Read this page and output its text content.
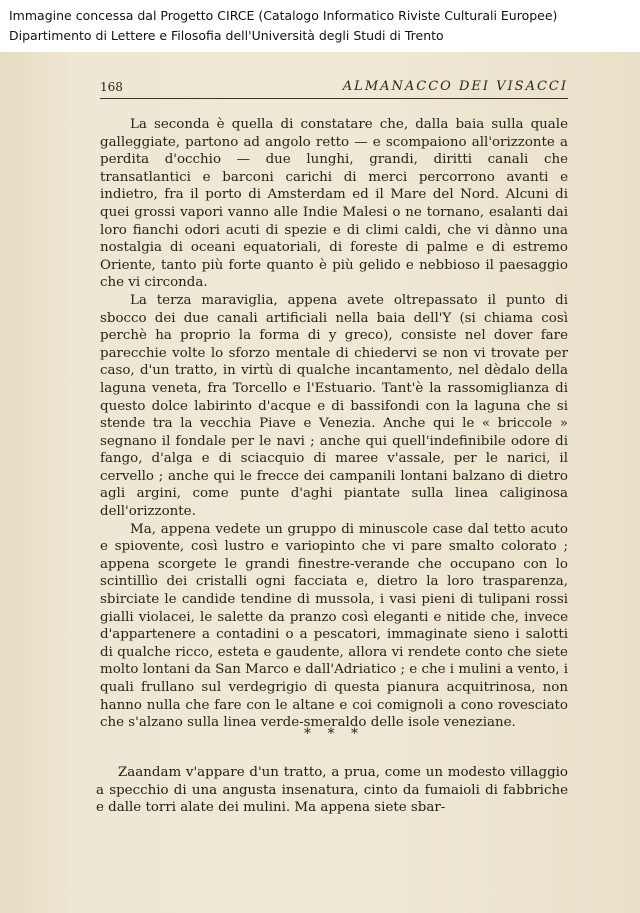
Immagine concessa dal Progetto CIRCE (Catalogo Informatico Riviste Culturali Europee)
Dipartimento di Lettere e Filosofia dell'Università degli Studi di Trento
168	ALMANACCO DEI VISACCI

La seconda è quella di constatare che, dalla baia sulla quale galleggiate, partono ad angolo retto — e scompaiono all'orizzonte a perdita d'occhio — due lunghi, grandi, diritti canali che transatlantici e barconi carichi di merci percorrono avanti e indietro, fra il porto di Amsterdam ed il Mare del Nord. Alcuni di quei grossi vapori vanno alle Indie Malesi o ne tornano, esalanti dai loro fianchi odori acuti di spezie e di climi caldi, che vi dànno una nostalgia di oceani equatoriali, di foreste di palme e di estremo Oriente, tanto più forte quanto è più gelido e nebbioso il paesaggio che vi circonda.

La terza maraviglia, appena avete oltrepassato il punto di sbocco dei due canali artificiali nella baia dell'Y (si chiama così perchè ha proprio la forma di y greco), consiste nel dover fare parecchie volte lo sforzo mentale di chiedervi se non vi trovate per caso, d'un tratto, in virtù di qualche incantamento, nel dèdalo della laguna veneta, fra Torcello e l'Estuario. Tant'è la rassomiglianza di questo dolce labirinto d'acque e di bassifondi con la laguna che si stende tra la vecchia Piave e Venezia. Anche qui le « briccole » segnano il fondale per le navi ; anche qui quell'indefinibile odore di fango, d'alga e di sciacquio di maree v'assale, per le narici, il cervello ; anche qui le frecce dei campanili lontani balzano di dietro agli argini, come punte d'aghi piantate sulla linea caliginosa dell'orizzonte.

Ma, appena vedete un gruppo di minuscole case dal tetto acuto e spiovente, così lustro e variopinto che vi pare smalto colorato ; appena scorgete le grandi finestre-verande che occupano con lo scintillìo dei cristalli ogni facciata e, dietro la loro trasparenza, sbirciate le candide tendine di mussola, i vasi pieni di tulipani rossi gialli violacei, le salette da pranzo così eleganti e nitide che, invece d'appartenere a contadini o a pescatori, immaginate sieno i salotti di qualche ricco, esteta e gaudente, allora vi rendete conto che siete molto lontani da San Marco e dall'Adriatico ; e che i mulini a vento, i quali frullano sul verdegrigio di questa pianura acquitrinosa, non hanno nulla che fare con le altane e coi comignoli a cono rovesciato che s'alzano sulla linea verde-smeraldo delle isole veneziane.

* * *

Zaandam v'appare d'un tratto, a prua, come un modesto villaggio a specchio di una angusta insenatura, cinto da fumaioli di fabbriche e dalle torri alate dei mulini. Ma appena siete sbar-
